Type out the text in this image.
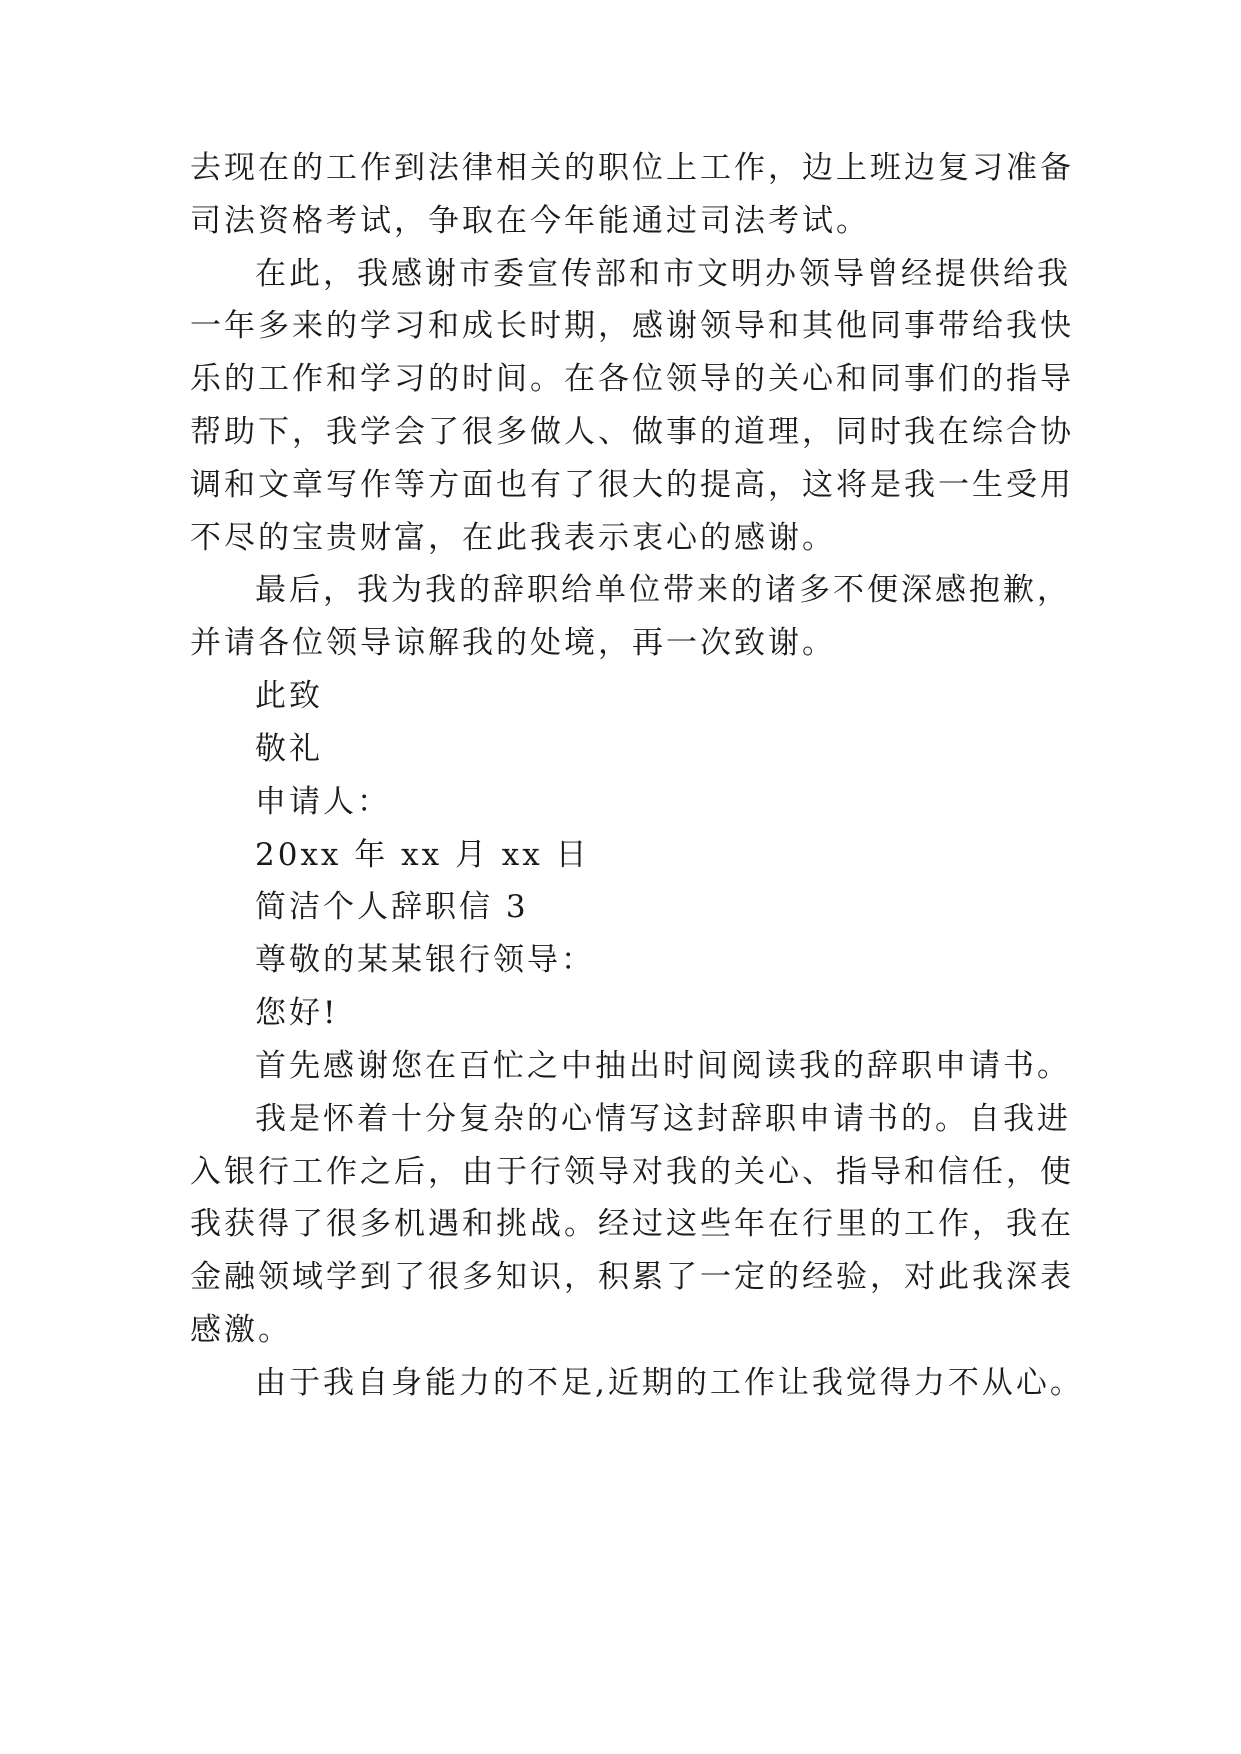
去现在的工作到法律相关的职位上工作，边上班边复习准备
司法资格考试，争取在今年能通过司法考试。
在此，我感谢市委宣传部和市文明办领导曾经提供给我
一年多来的学习和成长时期，感谢领导和其他同事带给我快
乐的工作和学习的时间。在各位领导的关心和同事们的指导
帮助下，我学会了很多做人、做事的道理，同时我在综合协
调和文章写作等方面也有了很大的提高，这将是我一生受用
不尽的宝贵财富，在此我表示衷心的感谢。
最后，我为我的辞职给单位带来的诸多不便深感抱歉，
并请各位领导谅解我的处境，再一次致谢。
此致
敬礼
申请人：
20xx 年 xx 月 xx 日
简洁个人辞职信 3
尊敬的某某银行领导：
您好!
首先感谢您在百忙之中抽出时间阅读我的辞职申请书。
我是怀着十分复杂的心情写这封辞职申请书的。自我进
入银行工作之后，由于行领导对我的关心、指导和信任，使
我获得了很多机遇和挑战。经过这些年在行里的工作，我在
金融领域学到了很多知识，积累了一定的经验，对此我深表
感激。
由于我自身能力的不足,近期的工作让我觉得力不从心。
